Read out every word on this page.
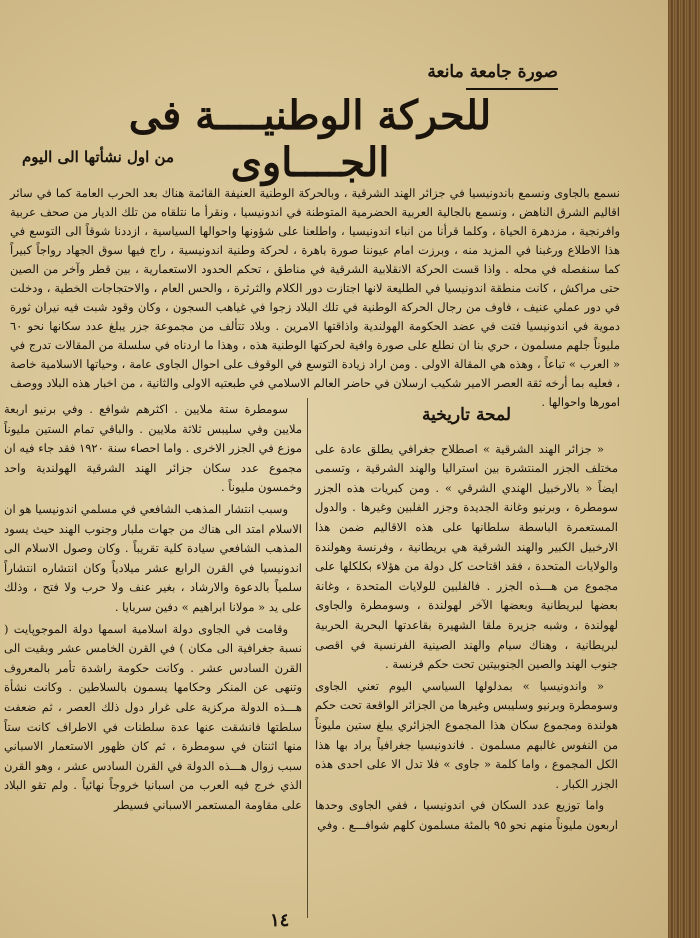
صورة جامعة مانعة
للحركة الوطنيــــة فى الجــــاوى
من اول نشأتها الى اليوم

نسمع بالجاوى ونسمع باندونيسيا في جزائر الهند الشرقية ، وبالحركة الوطنية العنيفة القائمة هناك بعد الحرب العامة كما في سائر اقاليم الشرق الناهض ، ونسمع بالجالية العربية الحضرمية المتوطنة في اندونيسيا ، ونقرأ ما نتلقاه من تلك الديار من صحف عربية وافرنجية ، مزدهرة الحياة ، وكلما قرأنا من انباء اندونيسيا ، واطلعنا على شؤونها واحوالها السياسية ، ازددنا شوقاً الى التوسع في هذا الاطلاع ورغبنا في المزيد منه ، وبرزت امام عيوننا صورة باهرة ، لحركة وطنية اندونيسية ، راج فيها سوق الجهاد رواجاً كبيراً كما سنفصله في محله . واذا قست الحركة الانقلابية الشرقية في مناطق ، تحكم الحدود الاستعمارية ، بين قطر وآخر من الصين حتى مراكش ، كانت منطقة اندونيسيا في الطليعة لانها اجتازت دور الكلام والثرثرة ، والحس العام ، والاحتجاجات الخطية ، ودخلت في دور عملي عنيف ، فاوف من رجال الحركة الوطنية في تلك البلاد زجوا في غياهب السجون ، وكان وقود شبت فيه نيران ثورة دموية في اندونيسيا فتت في عضد الحكومة الهولندية واذاقتها الامرين . وبلاد تتألف من مجموعة جزر يبلغ عدد سكانها نحو ٦٠ مليوناً جلهم مسلمون ، حري بنا ان نطلع على صورة وافية لحركتها الوطنية هذه ، وهذا ما اردناه في سلسلة من المقالات تدرج في « العرب » تباعاً ، وهذه هي المقالة الاولى . ومن اراد زيادة التوسع في الوقوف على احوال الجاوى عامة ، وحياتها الاسلامية خاصة ، فعليه بما أرخه ثقة العصر الامير شكيب ارسلان في حاضر العالم الاسلامي في طبعتيه الاولى والثانية ، من اخبار هذه البلاد ووصف امورها واحوالها .

لمحة تاريخية

« جزائر الهند الشرقية » اصطلاح جغرافي يطلق عادة على مختلف الجزر المنتشرة بين استراليا والهند الشرقية ، وتسمى ايضاً « بالارخبيل الهندي الشرقي » . ومن كبريات هذه الجزر سومطرة ، وبرنيو وغانة الجديدة وجزر الفلبين وغيرها . والدول المستعمرة الباسطة سلطانها على هذه الاقاليم ضمن هذا الارخبيل الكبير والهند الشرقية هي بريطانية ، وفرنسة وهولندة والولايات المتحدة ، فقد اقتاحت كل دولة من هؤلاء بكلكلها على مجموع من هـــذه الجزر . فالفلبين للولايات المتحدة ، وغانة بعضها لبريطانية وبعضها الآخر لهولندة ، وسومطرة والجاوى لهولندة ، وشبه جزيرة ملقا الشهيرة بقاعدتها البحرية الحربية لبريطانية ، وهناك سيام والهند الصينية الفرنسية في اقصى جنوب الهند والصين الجنوبيتين تحت حكم فرنسة .

« واندونيسيا » بمدلولها السياسي اليوم تعني الجاوى وسومطرة وبرنيو وسليبس وغيرها من الجزائر الواقعة تحت حكم هولندة ومجموع سكان هذا المجموع الجزائري يبلغ ستين مليوناً من النفوس غالبهم مسلمون . فاندونيسيا جغرافياً يراد بها هذا الكل المجموع ، واما كلمة « جاوى » فلا تدل الا على احدى هذه الجزر الكبار .

واما توزيع عدد السكان في اندونيسيا ، ففي الجاوى وحدها اربعون مليوناً منهم نحو ٩٥ بالمئة مسلمون كلهم شوافـــع . وفي

سومطرة ستة ملايين . اكثرهم شوافع . وفي برنيو اربعة ملايين وفي سليبس ثلاثة ملايين . والباقي تمام الستين مليوناً موزع في الجزر الاخرى . واما احصاء سنة ١٩٢٠ فقد جاء فيه ان مجموع عدد سكان جزائر الهند الشرقية الهولندية واحد وخمسون مليوناً .

وسبب انتشار المذهب الشافعي في مسلمي اندونيسيا هو ان الاسلام امتد الى هناك من جهات ملبار وجنوب الهند حيث يسود المذهب الشافعي سيادة كلية تقريباً . وكان وصول الاسلام الى اندونيسيا في القرن الرابع عشر ميلادياً وكان انتشاره انتشاراً سلمياً بالدعوة والارشاد ، بغير عنف ولا حرب ولا فتح ، وذلك على يد « مولانا ابراهيم » دفين سربايا .

وقامت في الجاوى دولة اسلامية اسمها دولة الموجوپايت ( نسبة جغرافية الى مكان ) في القرن الخامس عشر وبقيت الى القرن السادس عشر . وكانت حكومة راشدة تأمر بالمعروف وتنهى عن المنكر وحكامها يسمون بالسلاطين . وكانت نشأة هـــذه الدولة مركزية على غرار دول ذلك العصر ، ثم ضعفت سلطتها فانشقت عنها عدة سلطنات في الاطراف كانت ستاً منها اثنتان في سومطرة ، ثم كان ظهور الاستعمار الاسباني سبب زوال هـــذه الدولة في القرن السادس عشر ، وهو القرن الذي خرج فيه العرب من اسبانيا خروجاً نهائياً . ولم تقو البلاد على مقاومة المستعمر الاسباني فسيطر

١٤
